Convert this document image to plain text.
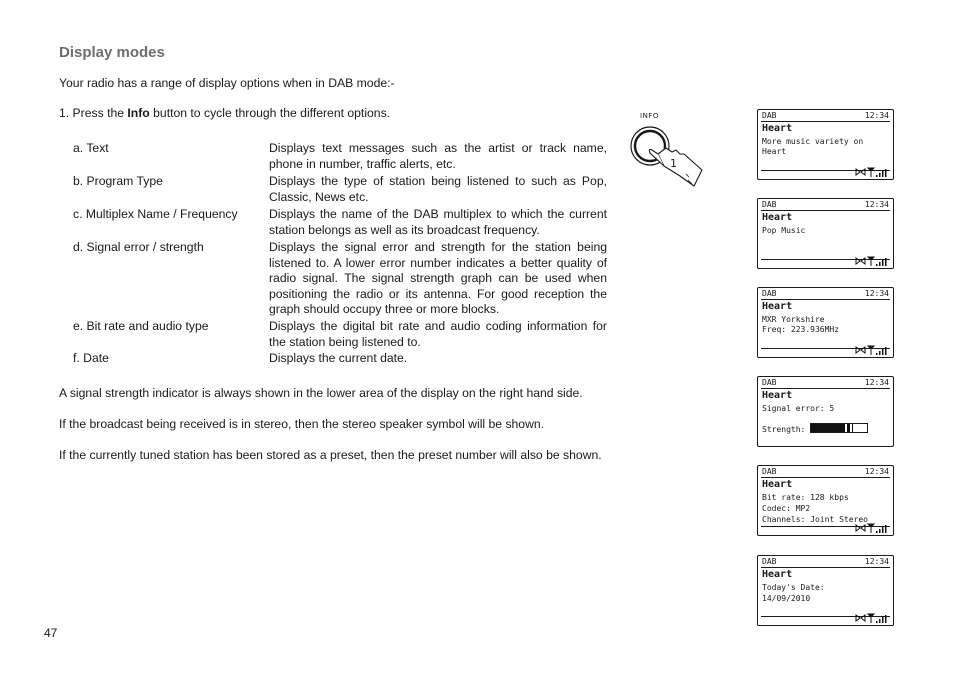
Display modes
Your radio has a range of display options when in DAB mode:-
1. Press the Info button to cycle through the different options.
a. Text	Displays text messages such as the artist or track name, phone in number, traffic alerts, etc.
b. Program Type	Displays the type of station being listened to such as Pop, Classic, News etc.
c. Multiplex Name / Frequency	Displays the name of the DAB multiplex to which the current station belongs as well as its broadcast frequency.
d. Signal error / strength	Displays the signal error and strength for the station being listened to. A lower error number indicates a better quality of radio signal. The signal strength graph can be used when positioning the radio or its antenna. For good reception the graph should occupy three or more blocks.
e. Bit rate and audio type	Displays the digital bit rate and audio coding information for the station being listened to.
f. Date	Displays the current date.
A signal strength indicator is always shown in the lower area of the display on the right hand side.
If the broadcast being received is in stereo, then the stereo speaker symbol will be shown.
If the currently tuned station has been stored as a preset, then the preset number will also be shown.
47
INFO
1
DAB	12:34
Heart
More music variety on
Heart
DAB	12:34
Heart
Pop Music
DAB	12:34
Heart
MXR Yorkshire
Freq: 223.936MHz
DAB	12:34
Heart
Signal error: 5
Strength:
DAB	12:34
Heart
Bit rate: 128 kbps
Codec: MP2
Channels: Joint Stereo
DAB	12:34
Heart
Today's Date:
14/09/2010
